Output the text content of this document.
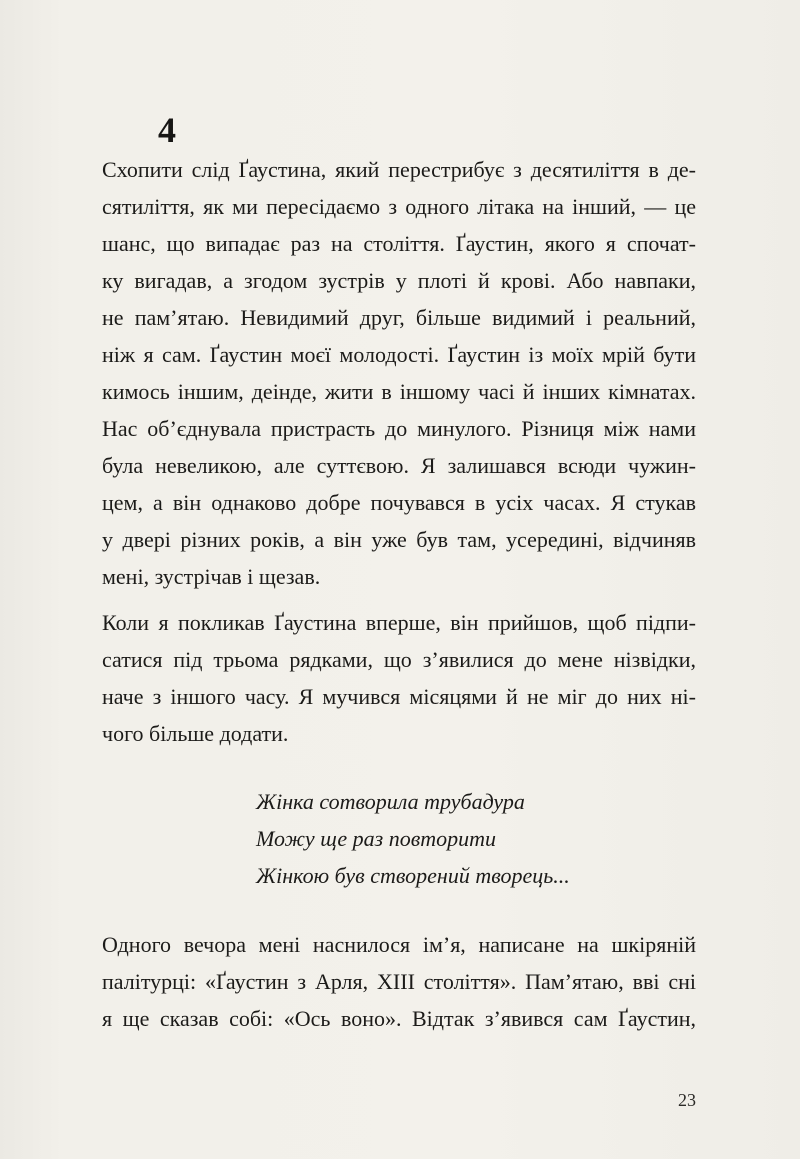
4
Схопити слід Ґаустина, який перестрибує з десятиліття в де-
сятиліття, як ми пересідаємо з одного літака на інший, — це
шанс, що випадає раз на століття. Ґаустин, якого я спочат-
ку вигадав, а згодом зустрів у плоті й крові. Або навпаки,
не пам’ятаю. Невидимий друг, більше видимий і реальний,
ніж я сам. Ґаустин моєї молодості. Ґаустин із моїх мрій бути
кимось іншим, деінде, жити в іншому часі й інших кімнатах.
Нас об’єднувала пристрасть до минулого. Різниця між нами
була невеликою, але суттєвою. Я залишався всюди чужин-
цем, а він однаково добре почувався в усіх часах. Я стукав
у двері різних років, а він уже був там, усередині, відчиняв
мені, зустрічав і щезав.
Коли я покликав Ґаустина вперше, він прийшов, щоб підпи-
сатися під трьома рядками, що з’явилися до мене нізвідки,
наче з іншого часу. Я мучився місяцями й не міг до них ні-
чого більше додати.
Жінка сотворила трубадура
Можу ще раз повторити
Жінкою був створений творець...
Одного вечора мені наснилося ім’я, написане на шкіряній
палітурці: «Ґаустин з Арля, XIII століття». Пам’ятаю, вві сні
я ще сказав собі: «Ось воно». Відтак з’явився сам Ґаустин,
23
